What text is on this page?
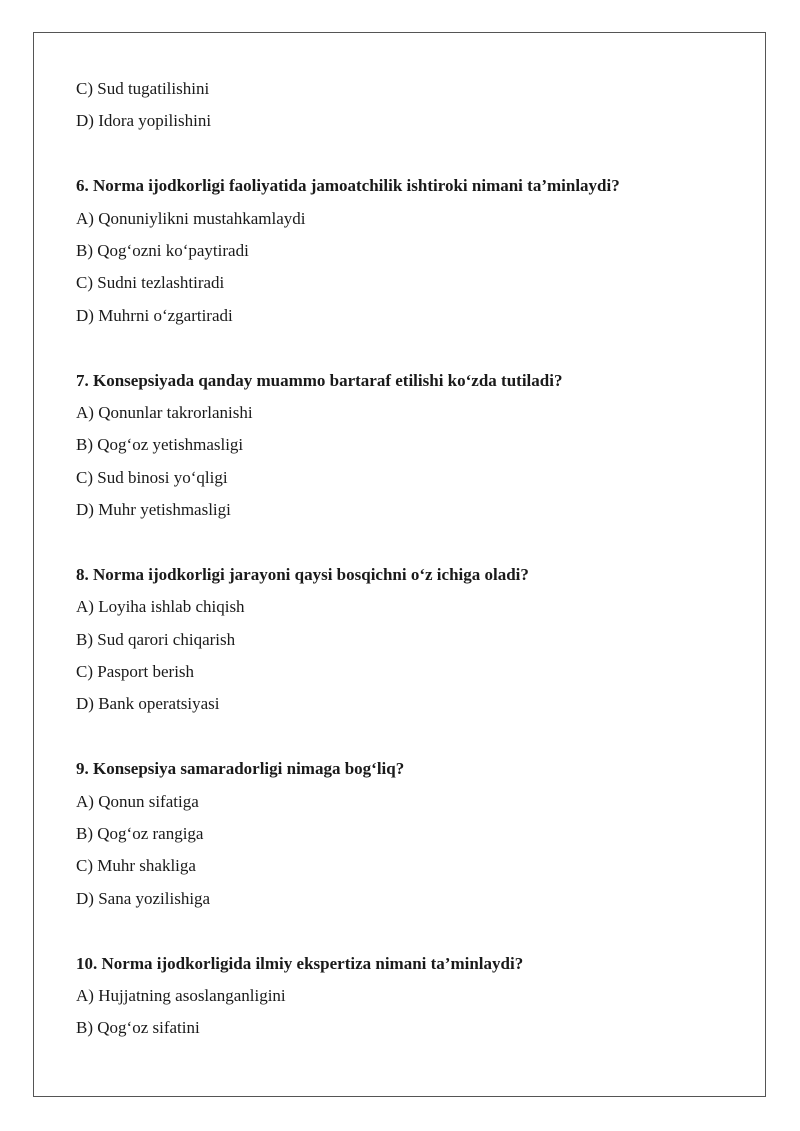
C) Sud tugatilishini
D) Idora yopilishini
6. Norma ijodkorligi faoliyatida jamoatchilik ishtiroki nimani ta’minlaydi?
A) Qonuniylikni mustahkamlaydi
B) Qog‘ozni ko‘paytiradi
C) Sudni tezlashtiradi
D) Muhrni o‘zgartiradi
7. Konsepsiyada qanday muammo bartaraf etilishi ko‘zda tutiladi?
A) Qonunlar takrorlanishi
B) Qog‘oz yetishmasligi
C) Sud binosi yo‘qligi
D) Muhr yetishmasligi
8. Norma ijodkorligi jarayoni qaysi bosqichni o‘z ichiga oladi?
A) Loyiha ishlab chiqish
B) Sud qarori chiqarish
C) Pasport berish
D) Bank operatsiyasi
9. Konsepsiya samaradorligi nimaga bog‘liq?
A) Qonun sifatiga
B) Qog‘oz rangiga
C) Muhr shakliga
D) Sana yozilishiga
10. Norma ijodkorligida ilmiy ekspertiza nimani ta’minlaydi?
A) Hujjatning asoslanganligini
B) Qog‘oz sifatini
